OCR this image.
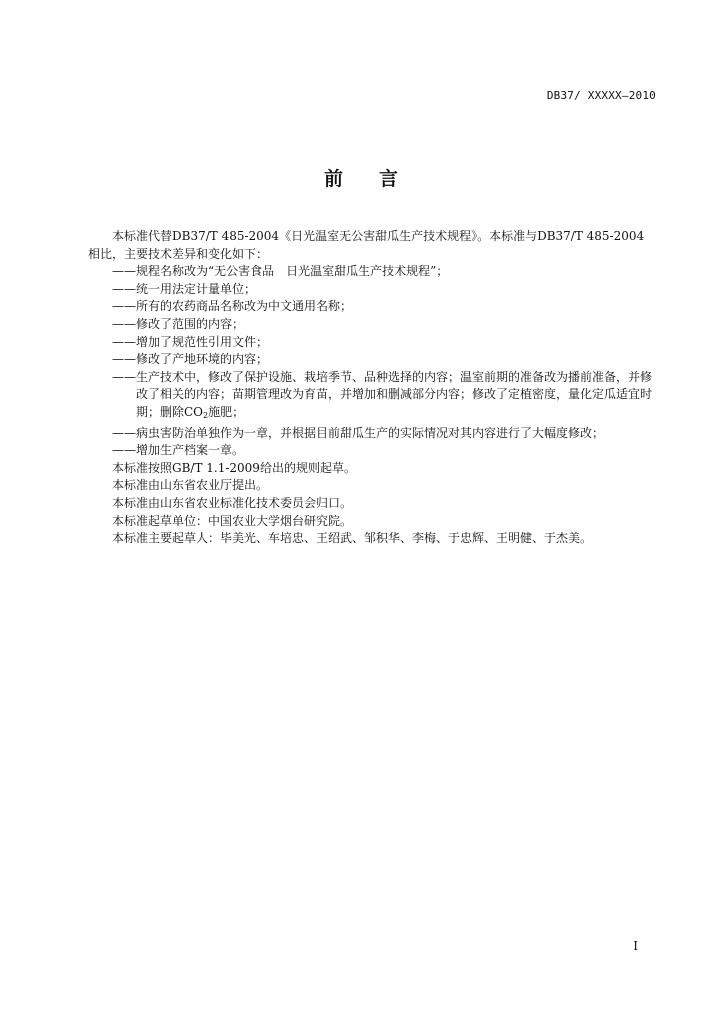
DB37/ XXXXX—2010
前 言

本标准代替DB37/T 485-2004《日光温室无公害甜瓜生产技术规程》。本标准与DB37/T 485-2004相比，主要技术差异和变化如下：

——规程名称改为“无公害食品　日光温室甜瓜生产技术规程”；

——统一用法定计量单位；

——所有的农药商品名称改为中文通用名称；

——修改了范围的内容；

——增加了规范性引用文件；

——修改了产地环境的内容；

——生产技术中，修改了保护设施、栽培季节、品种选择的内容；温室前期的准备改为播前准备，并修改了相关的内容；苗期管理改为育苗，并增加和删减部分内容；修改了定植密度，量化定瓜适宜时期；删除$CO_2$施肥；

——病虫害防治单独作为一章，并根据目前甜瓜生产的实际情况对其内容进行了大幅度修改；

——增加生产档案一章。

本标准按照GB/T 1.1-2009给出的规则起草。

本标准由山东省农业厅提出。

本标准由山东省农业标准化技术委员会归口。

本标准起草单位：中国农业大学烟台研究院。

本标准主要起草人：毕美光、车培忠、王绍武、邹积华、李梅、于忠辉、王明健、于杰美。

I
